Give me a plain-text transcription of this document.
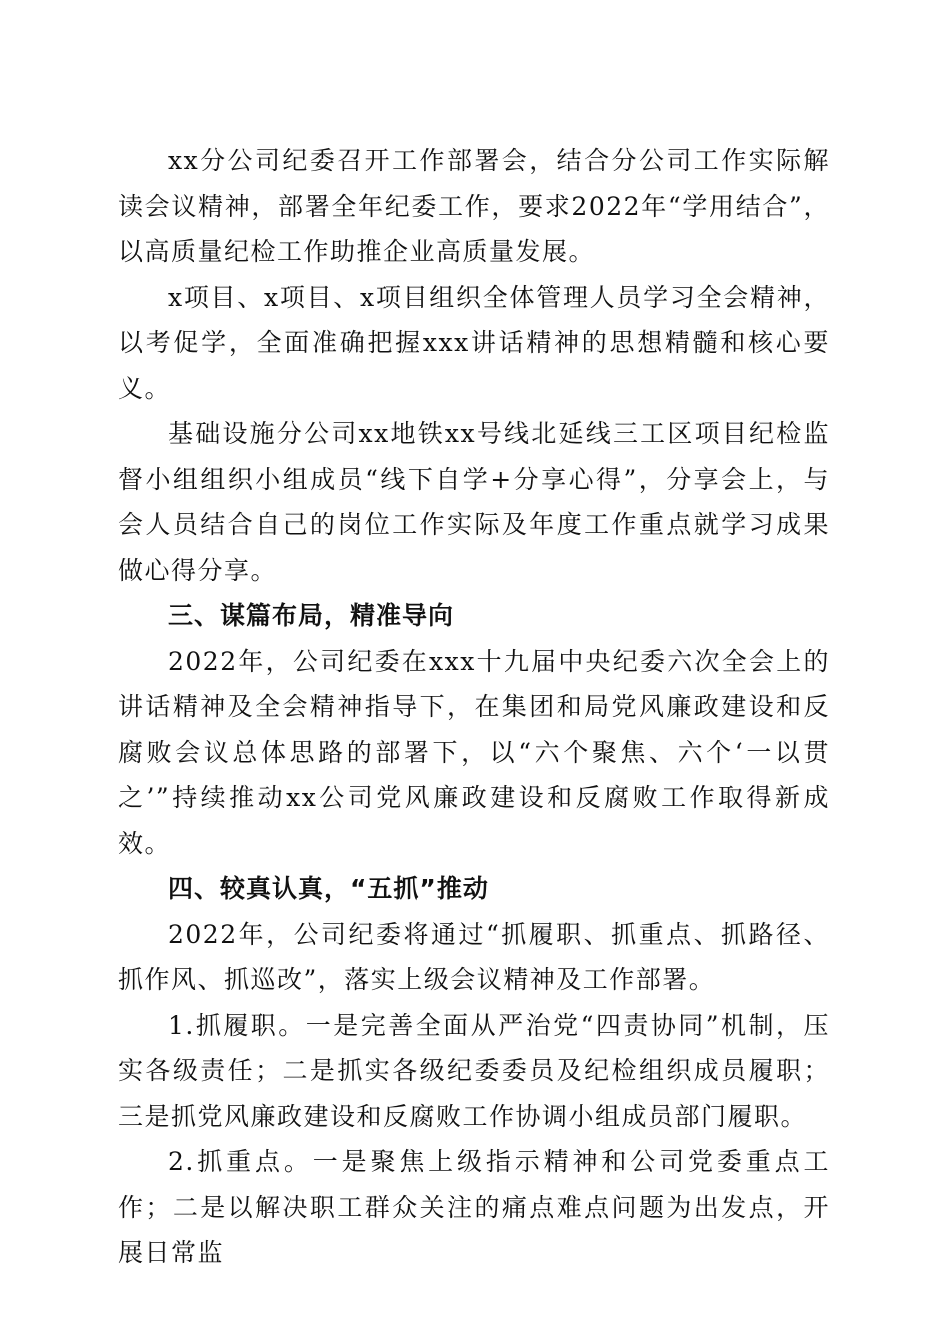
xx分公司纪委召开工作部署会，结合分公司工作实际解读会议精神，部署全年纪委工作，要求2022年“学用结合”，以高质量纪检工作助推企业高质量发展。

x项目、x项目、x项目组织全体管理人员学习全会精神，以考促学，全面准确把握xxx讲话精神的思想精髓和核心要义。

基础设施分公司xx地铁xx号线北延线三工区项目纪检监督小组组织小组成员“线下自学+分享心得”，分享会上，与会人员结合自己的岗位工作实际及年度工作重点就学习成果做心得分享。

三、谋篇布局，精准导向

2022年，公司纪委在xxx十九届中央纪委六次全会上的讲话精神及全会精神指导下，在集团和局党风廉政建设和反腐败会议总体思路的部署下，以“六个聚焦、六个‘一以贯之’”持续推动xx公司党风廉政建设和反腐败工作取得新成效。

四、较真认真，“五抓”推动

2022年，公司纪委将通过“抓履职、抓重点、抓路径、抓作风、抓巡改”，落实上级会议精神及工作部署。

1.抓履职。一是完善全面从严治党“四责协同”机制，压实各级责任；二是抓实各级纪委委员及纪检组织成员履职；三是抓党风廉政建设和反腐败工作协调小组成员部门履职。

2.抓重点。一是聚焦上级指示精神和公司党委重点工作；二是以解决职工群众关注的痛点难点问题为出发点，开展日常监
